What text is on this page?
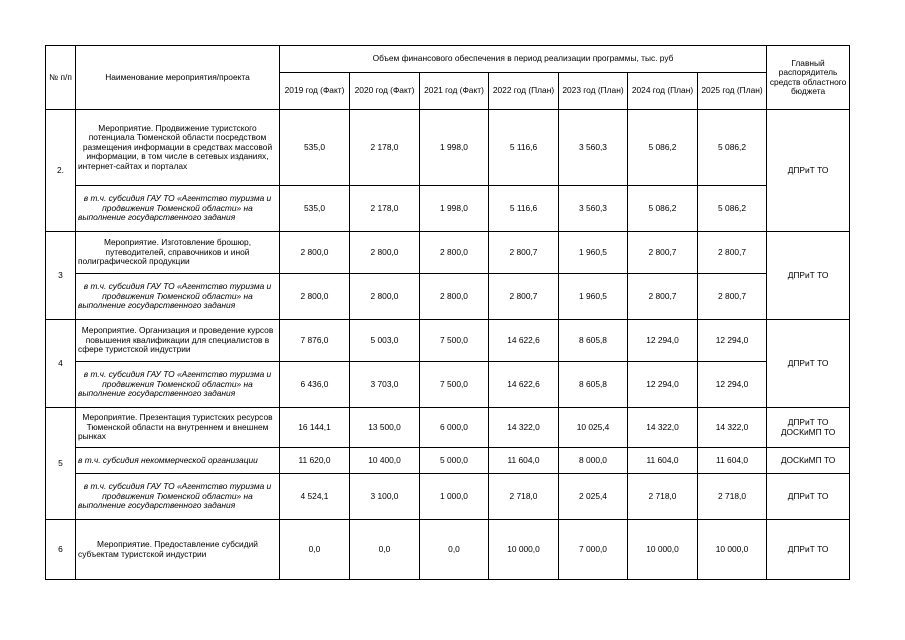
№ п/п	Наименование мероприятия/проекта	Объем финансового обеспечения в период реализации программы, тыс. руб							Главный распорядитель средств областного бюджета
		2019 год (Факт)	2020 год (Факт)	2021 год (Факт)	2022 год (План)	2023 год (План)	2024 год (План)	2025 год (План)	
2.	Мероприятие. Продвижение туристского потенциала Тюменской области посредством размещения информации в средствах массовой информации, в том числе в сетевых изданиях, интернет-сайтах и порталах	535,0	2 178,0	1 998,0	5 116,6	3 560,3	5 086,2	5 086,2	ДПРиТ ТО
	в т.ч. субсидия ГАУ ТО «Агентство туризма и продвижения Тюменской области» на выполнение государственного задания	535,0	2 178,0	1 998,0	5 116,6	3 560,3	5 086,2	5 086,2	
3	Мероприятие. Изготовление брошюр, путеводителей, справочников и иной полиграфической продукции	2 800,0	2 800,0	2 800,0	2 800,7	1 960,5	2 800,7	2 800,7	ДПРиТ ТО
	в т.ч. субсидия ГАУ ТО «Агентство туризма и продвижения Тюменской области» на выполнение государственного задания	2 800,0	2 800,0	2 800,0	2 800,7	1 960,5	2 800,7	2 800,7	
4	Мероприятие. Организация и проведение курсов повышения квалификации для специалистов в сфере туристской индустрии	7 876,0	5 003,0	7 500,0	14 622,6	8 605,8	12 294,0	12 294,0	ДПРиТ ТО
	в т.ч. субсидия ГАУ ТО «Агентство туризма и продвижения Тюменской области» на выполнение государственного задания	6 436,0	3 703,0	7 500,0	14 622,6	8 605,8	12 294,0	12 294,0	
5	Мероприятие. Презентация туристских ресурсов Тюменской области на внутреннем и внешнем рынках	16 144,1	13 500,0	6 000,0	14 322,0	10 025,4	14 322,0	14 322,0	ДПРиТ ТО ДОСКиМП ТО
	в т.ч. субсидия некоммерческой организации	11 620,0	10 400,0	5 000,0	11 604,0	8 000,0	11 604,0	11 604,0	ДОСКиМП ТО
	в т.ч. субсидия ГАУ ТО «Агентство туризма и продвижения Тюменской области» на выполнение государственного задания	4 524,1	3 100,0	1 000,0	2 718,0	2 025,4	2 718,0	2 718,0	ДПРиТ ТО
6	Мероприятие. Предоставление субсидий субъектам туристской индустрии	0,0	0,0	0,0	10 000,0	7 000,0	10 000,0	10 000,0	ДПРиТ ТО
